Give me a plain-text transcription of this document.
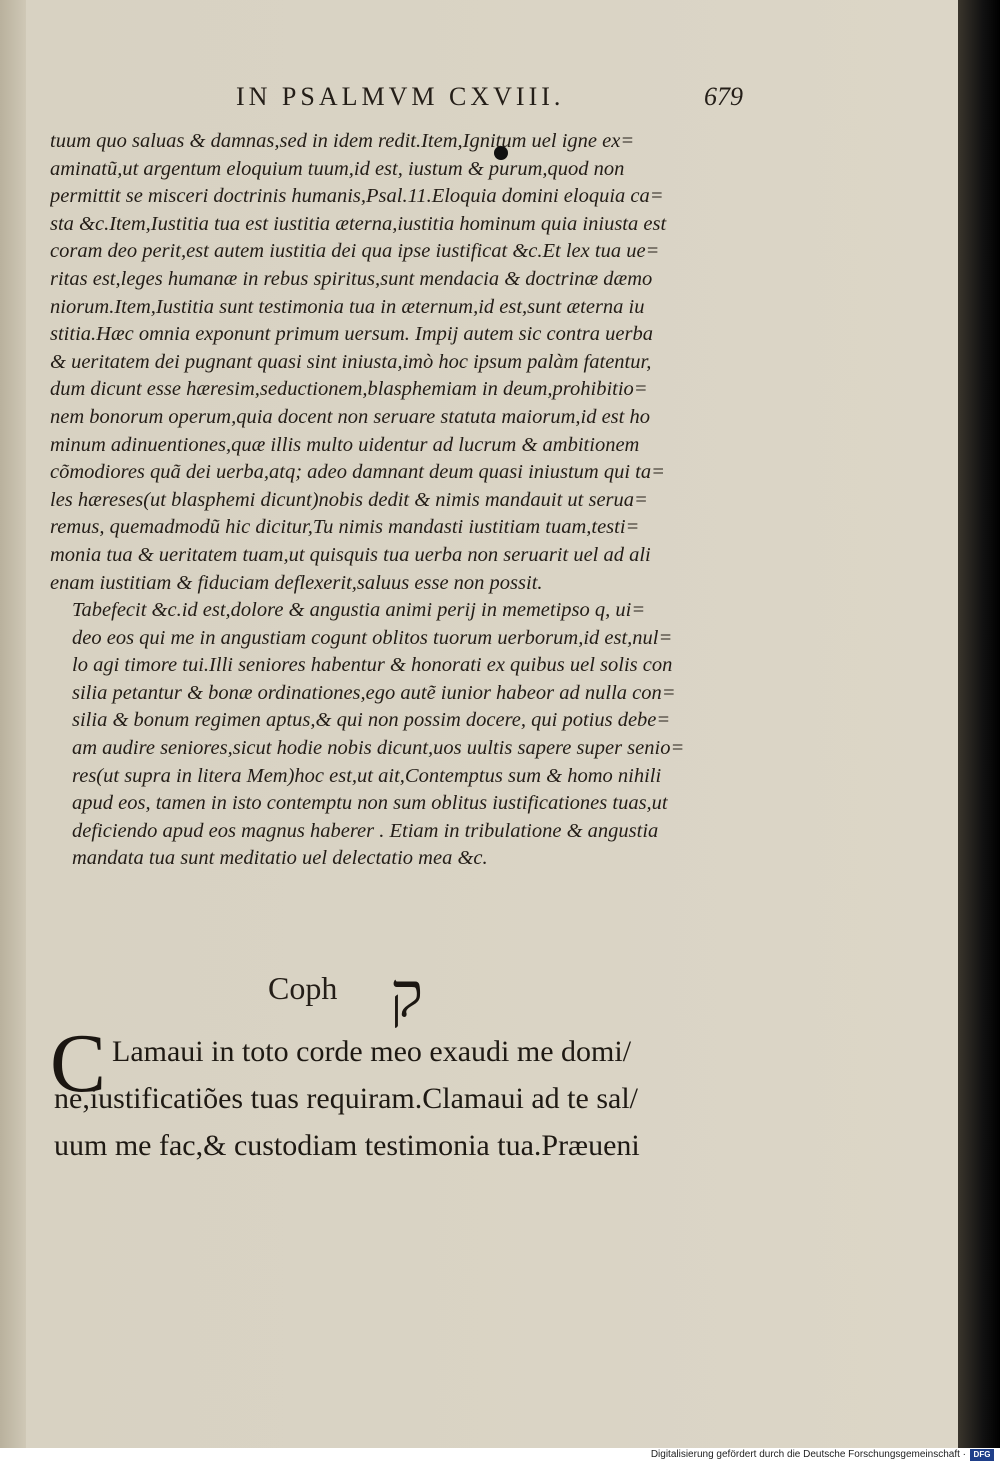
IN PSALMVM CXVIII.	679

tuum quo saluas & damnas,sed in idem redit.Item,Ignitum uel igne ex=
aminatũ,ut argentum eloquium tuum,id est, iustum & purum,quod non
permittit se misceri doctrinis humanis,Psal.11.Eloquia domini eloquia ca=
sta &c.Item,Iustitia tua est iustitia æterna,iustitia hominum quia iniusta est
coram deo perit,est autem iustitia dei qua ipse iustificat &c.Et lex tua ue=
ritas est,leges humanæ in rebus spiritus,sunt mendacia & doctrinæ dæmo
niorum.Item,Iustitia sunt testimonia tua in æternum,id est,sunt æterna iu
stitia.Hæc omnia exponunt primum uersum. Impij autem sic contra uerba
& ueritatem dei pugnant quasi sint iniusta,imò hoc ipsum palàm fatentur,
dum dicunt esse hæresim,seductionem,blasphemiam in deum,prohibitio=
nem bonorum operum,quia docent non seruare statuta maiorum,id est ho
minum adinuentiones,quæ illis multo uidentur ad lucrum & ambitionem
cõmodiores quã dei uerba,atq; adeo damnant deum quasi iniustum qui ta=
les hæreses(ut blasphemi dicunt)nobis dedit & nimis mandauit ut serua=
remus, quemadmodũ hic dicitur,Tu nimis mandasti iustitiam tuam,testi=
monia tua & ueritatem tuam,ut quisquis tua uerba non seruarit uel ad ali
enam iustitiam & fiduciam deflexerit,saluus esse non possit.

Tabefecit &c.id est,dolore & angustia animi perij in memetipso q, ui=
deo eos qui me in angustiam cogunt oblitos tuorum uerborum,id est,nul=
lo agi timore tui.Illi seniores habentur & honorati ex quibus uel solis con
silia petantur & bonæ ordinationes,ego autẽ iunior habeor ad nulla con=
silia & bonum regimen aptus,& qui non possim docere, qui potius debe=
am audire seniores,sicut hodie nobis dicunt,uos uultis sapere super senio=
res(ut supra in litera Mem)hoc est,ut ait,Contemptus sum & homo nihili
apud eos, tamen in isto contemptu non sum oblitus iustificationes tuas,ut
deficiendo apud eos magnus haberer . Etiam in tribulatione & angustia
mandata tua sunt meditatio uel delectatio mea &c.

Coph ק
C Lamaui in toto corde meo exaudi me domi/
ne,iustificatiões tuas requiram.Clamaui ad te sal/
uum me fac,& custodiam testimonia tua.Præueni
Digitalisierung gefördert durch die Deutsche Forschungsgemeinschaft · DFG
